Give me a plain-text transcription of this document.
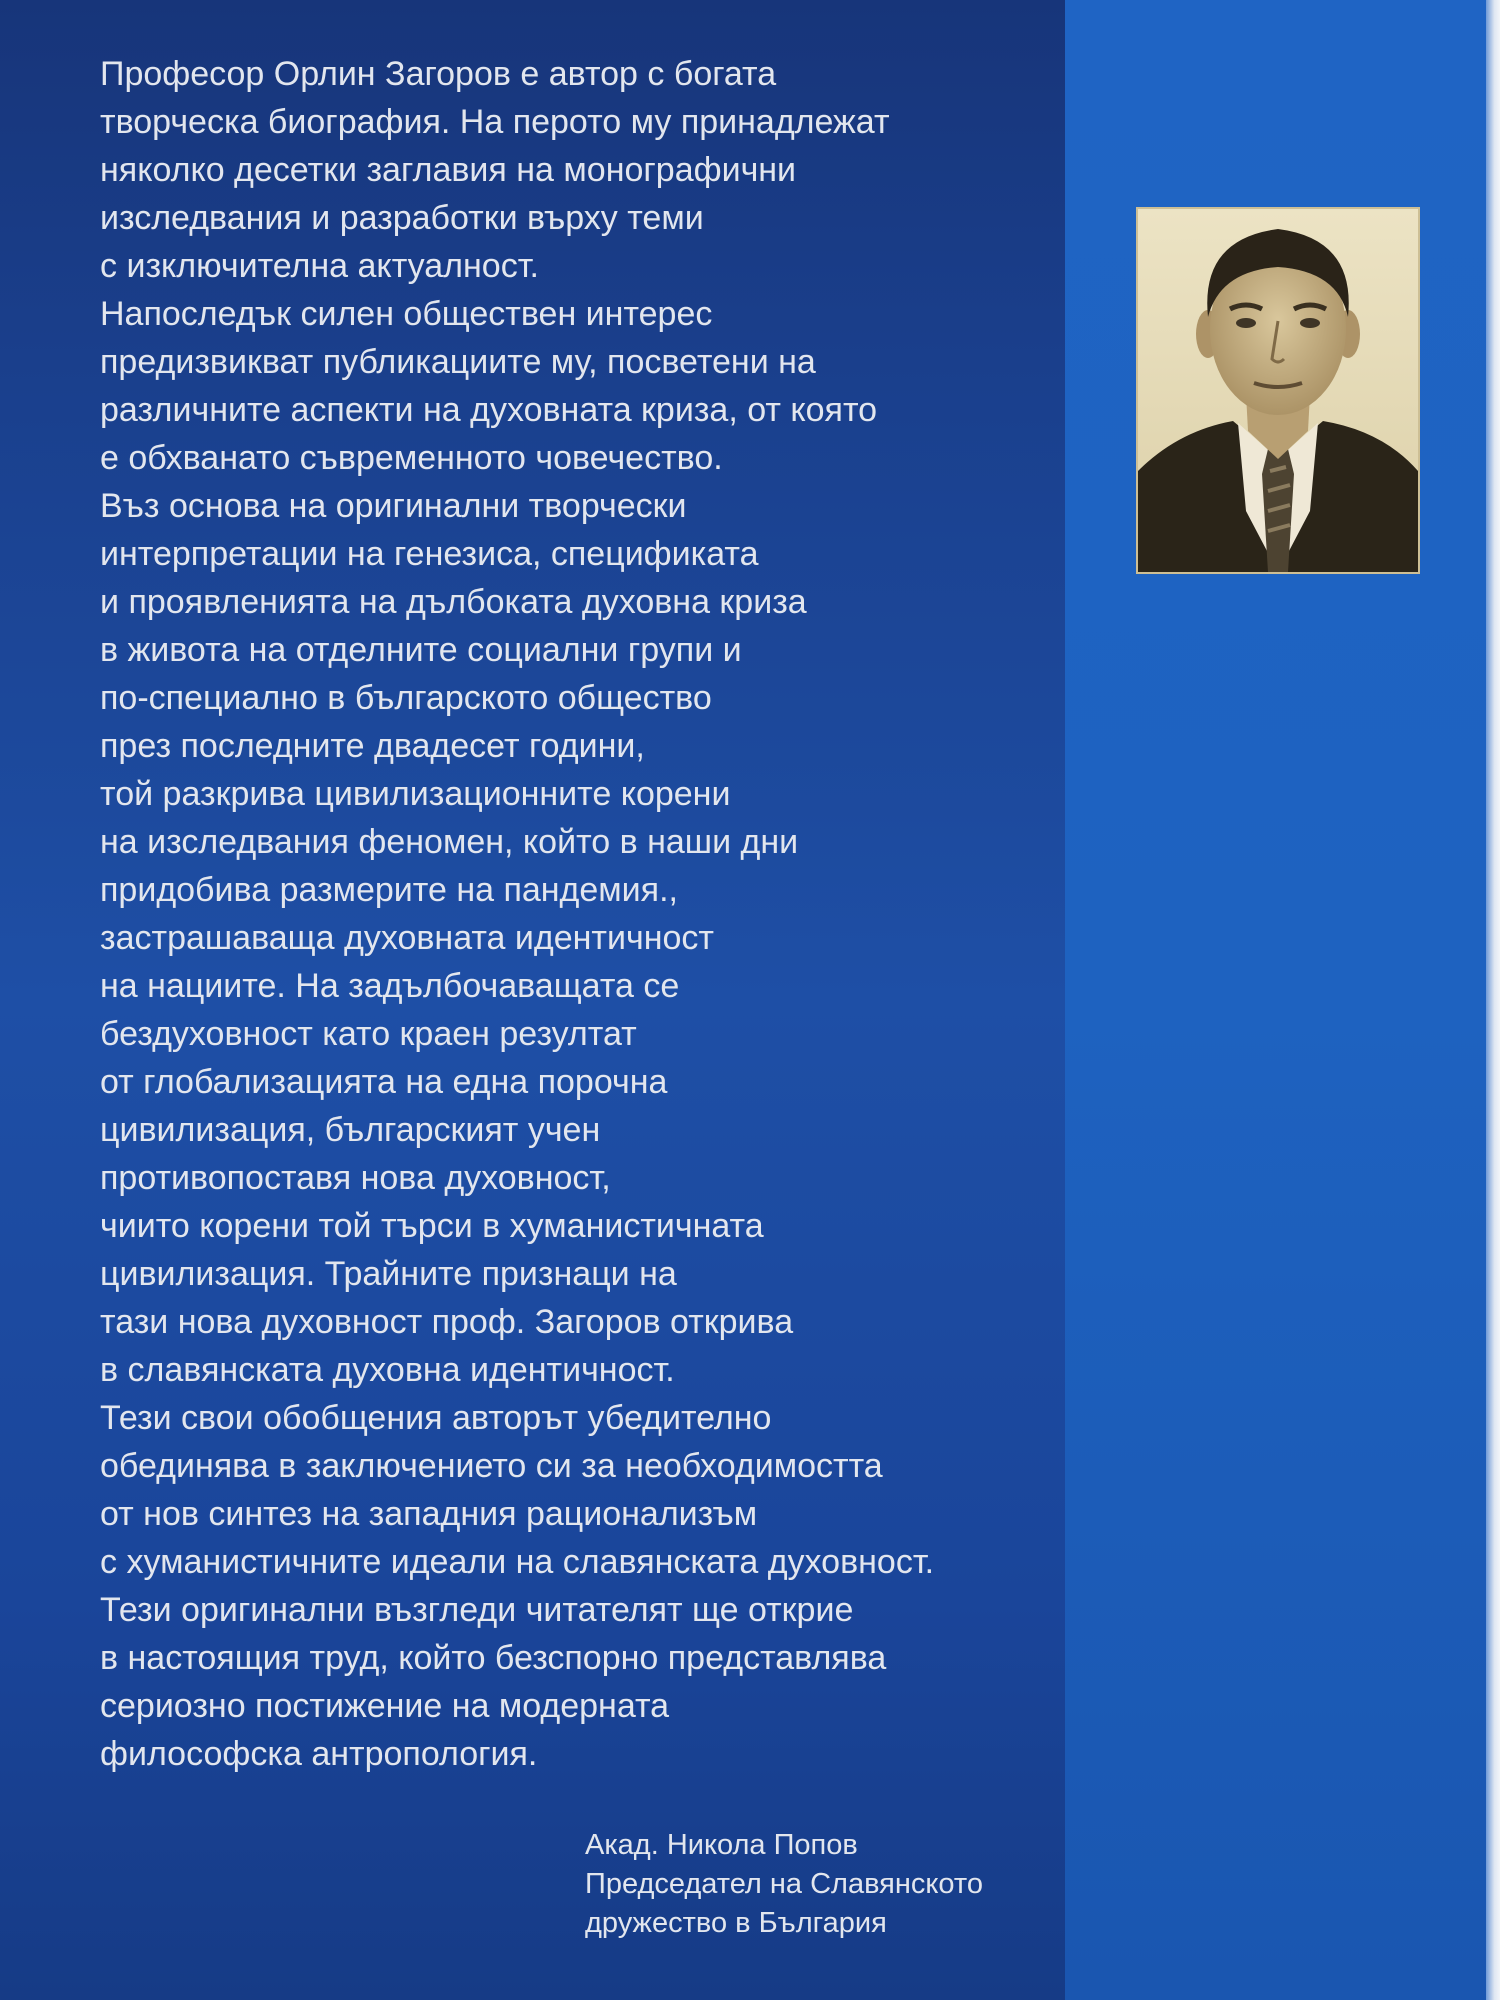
Професор Орлин Загоров е автор с богата
творческа биография. На перото му принадлежат
няколко десетки заглавия на монографични
изследвания и разработки върху теми
с изключителна актуалност.
Напоследък силен обществен интерес
предизвикват публикациите му, посветени на
различните аспекти на духовната криза, от която
е обхванато съвременното човечество.
Въз основа на оригинални творчески
интерпретации на генезиса, спецификата
и проявленията на дълбоката духовна криза
в живота на отделните социални групи и
по-специално в българското общество
през последните двадесет години,
той разкрива цивилизационните корени
на изследвания феномен, който в наши дни
придобива размерите на пандемия.,
застрашаваща духовната идентичност
на нациите. На задълбочаващата се
бездуховност като краен резултат
от глобализацията на една порочна
цивилизация, българският учен
противопоставя нова духовност,
чиито корени той търси в хуманистичната
цивилизация. Трайните признаци на
тази нова духовност проф. Загоров открива
в славянската духовна идентичност.
Тези свои обобщения авторът убедително
обединява в заключението си за необходимостта
от нов синтез на западния рационализъм
с хуманистичните идеали на славянската духовност.
Тези оригинални възгледи читателят ще открие
в настоящия труд, който безспорно представлява
сериозно постижение на модерната
философска антропология.
Акад. Никола Попов
Председател на Славянското
дружество в България
